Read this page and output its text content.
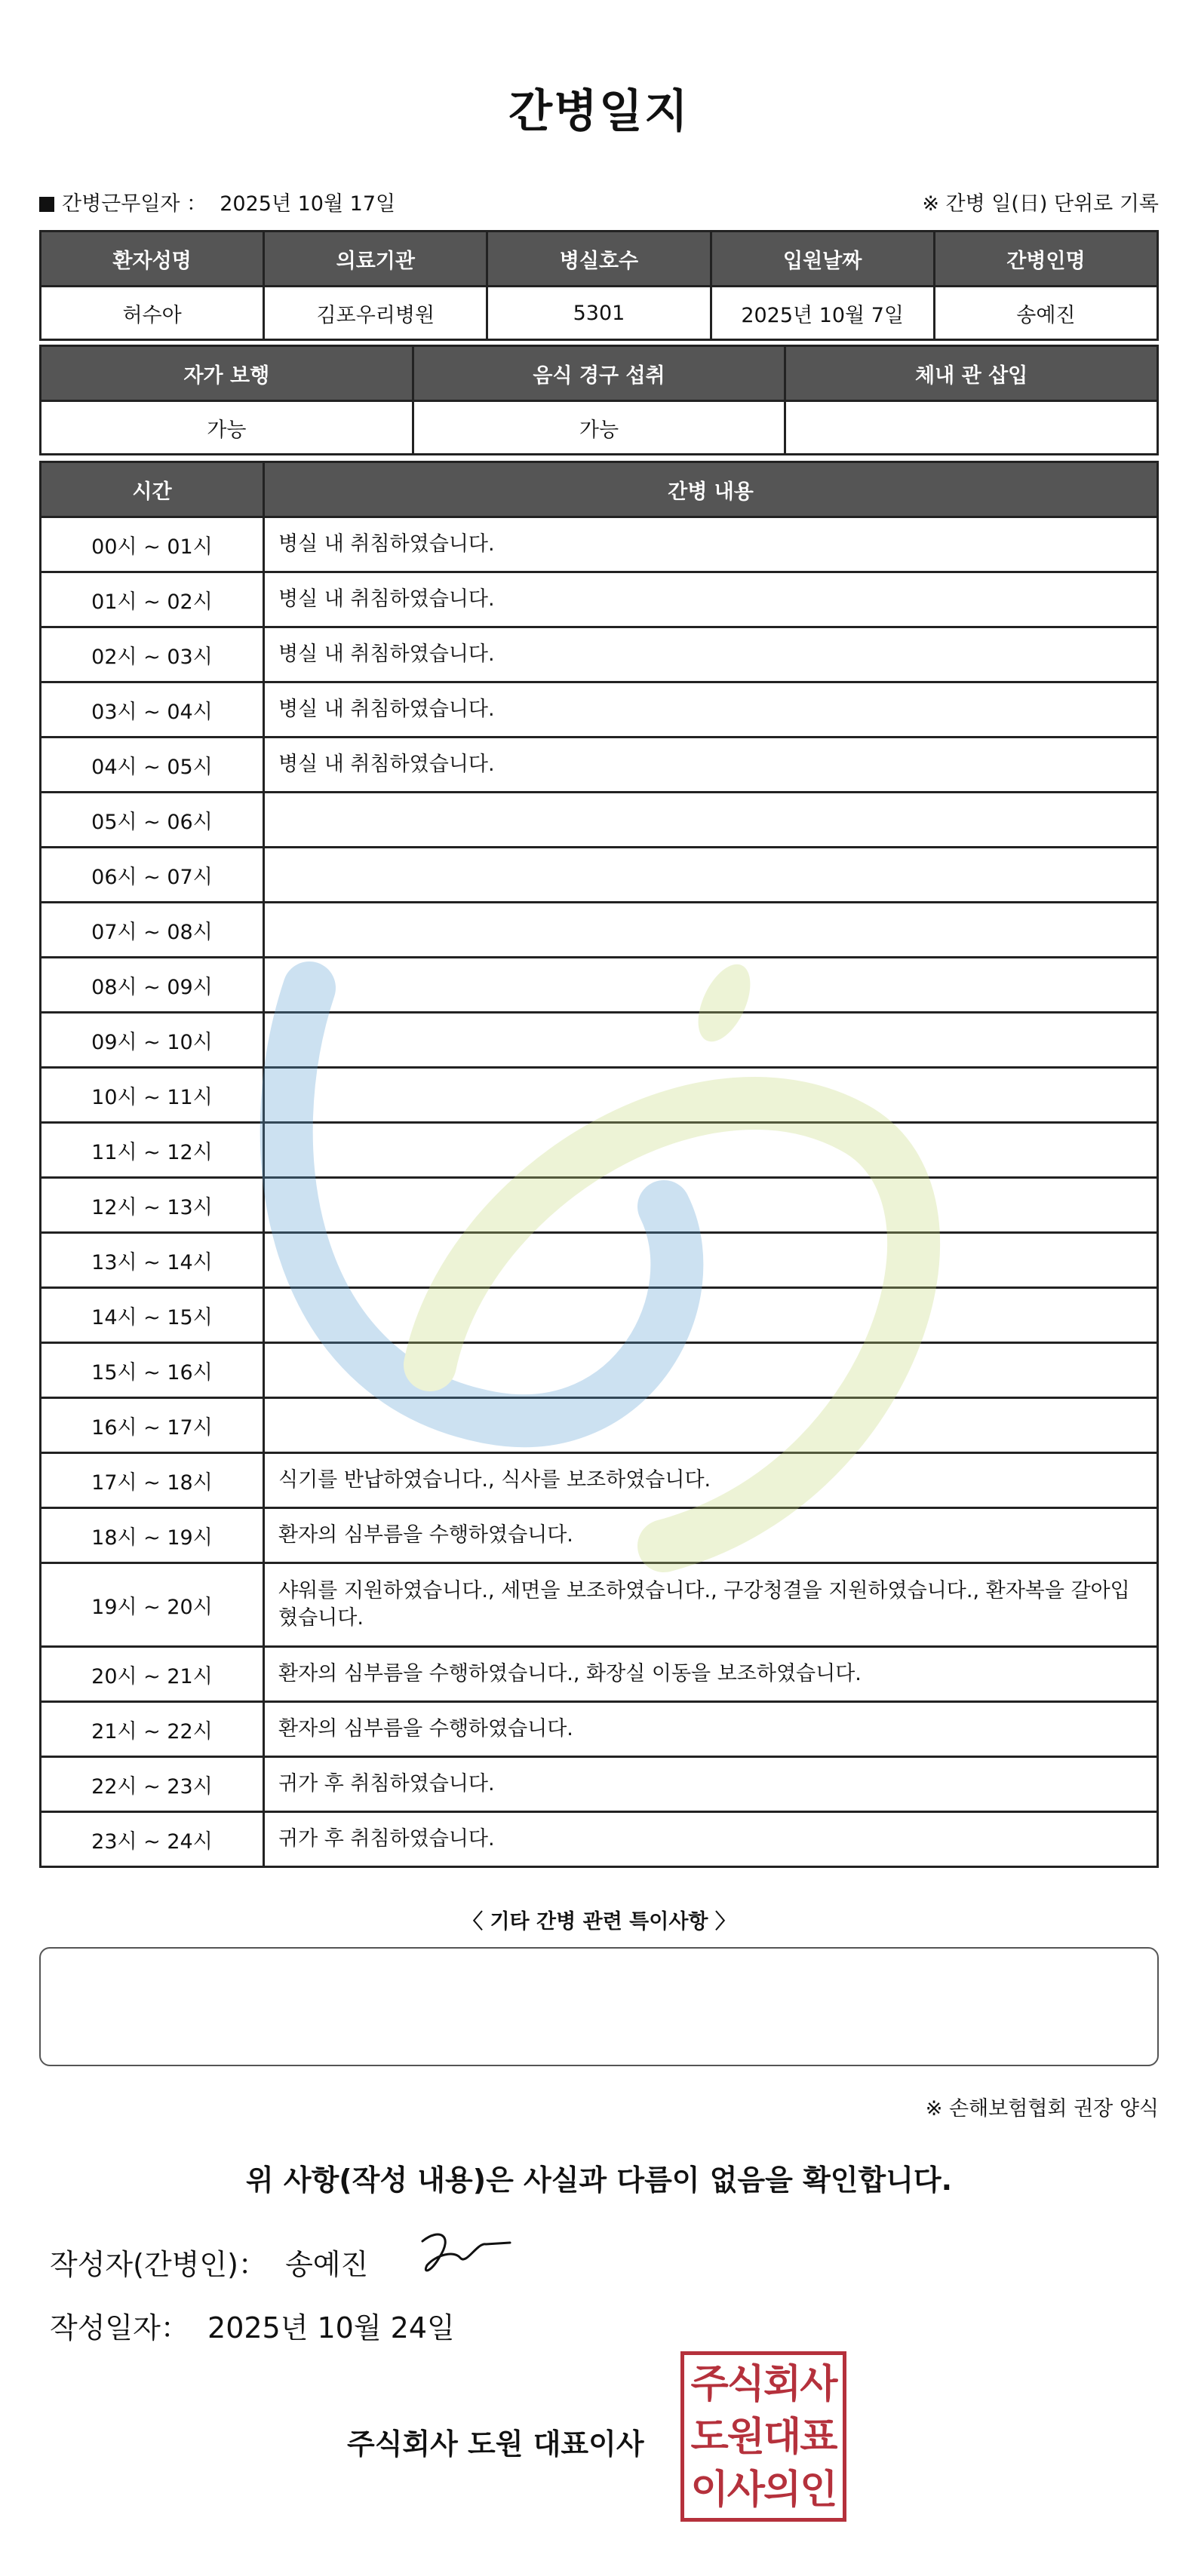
간병일지
간병근무일자 ： 2025년 10월 17일	※ 간병 일(日) 단위로 기록
환자성명	의료기관	병실호수	입원날짜	간병인명
허수아	김포우리병원	5301	2025년 10월 7일	송예진
자가 보행	음식 경구 섭취	체내 관 삽입
가능	가능	
시간	간병 내용
00시 ~ 01시	병실 내 취침하였습니다.
01시 ~ 02시	병실 내 취침하였습니다.
02시 ~ 03시	병실 내 취침하였습니다.
03시 ~ 04시	병실 내 취침하였습니다.
04시 ~ 05시	병실 내 취침하였습니다.
05시 ~ 06시	
06시 ~ 07시	
07시 ~ 08시	
08시 ~ 09시	
09시 ~ 10시	
10시 ~ 11시	
11시 ~ 12시	
12시 ~ 13시	
13시 ~ 14시	
14시 ~ 15시	
15시 ~ 16시	
16시 ~ 17시	
17시 ~ 18시	식기를 반납하였습니다., 식사를 보조하였습니다.
18시 ~ 19시	환자의 심부름을 수행하였습니다.
19시 ~ 20시	샤워를 지원하였습니다., 세면을 보조하였습니다., 구강청결을 지원하였습니다., 환자복을 갈아입혔습니다.
20시 ~ 21시	환자의 심부름을 수행하였습니다., 화장실 이동을 보조하였습니다.
21시 ~ 22시	환자의 심부름을 수행하였습니다.
22시 ~ 23시	귀가 후 취침하였습니다.
23시 ~ 24시	귀가 후 취침하였습니다.
〈 기타 간병 관련 특이사항 〉
※ 손해보험협회 권장 양식
위 사항(작성 내용)은 사실과 다름이 없음을 확인합니다.
작성자(간병인)： 송예진
작성일자： 2025년 10월 24일
주식회사 도원 대표이사
주식회사
도원대표
이사의인
